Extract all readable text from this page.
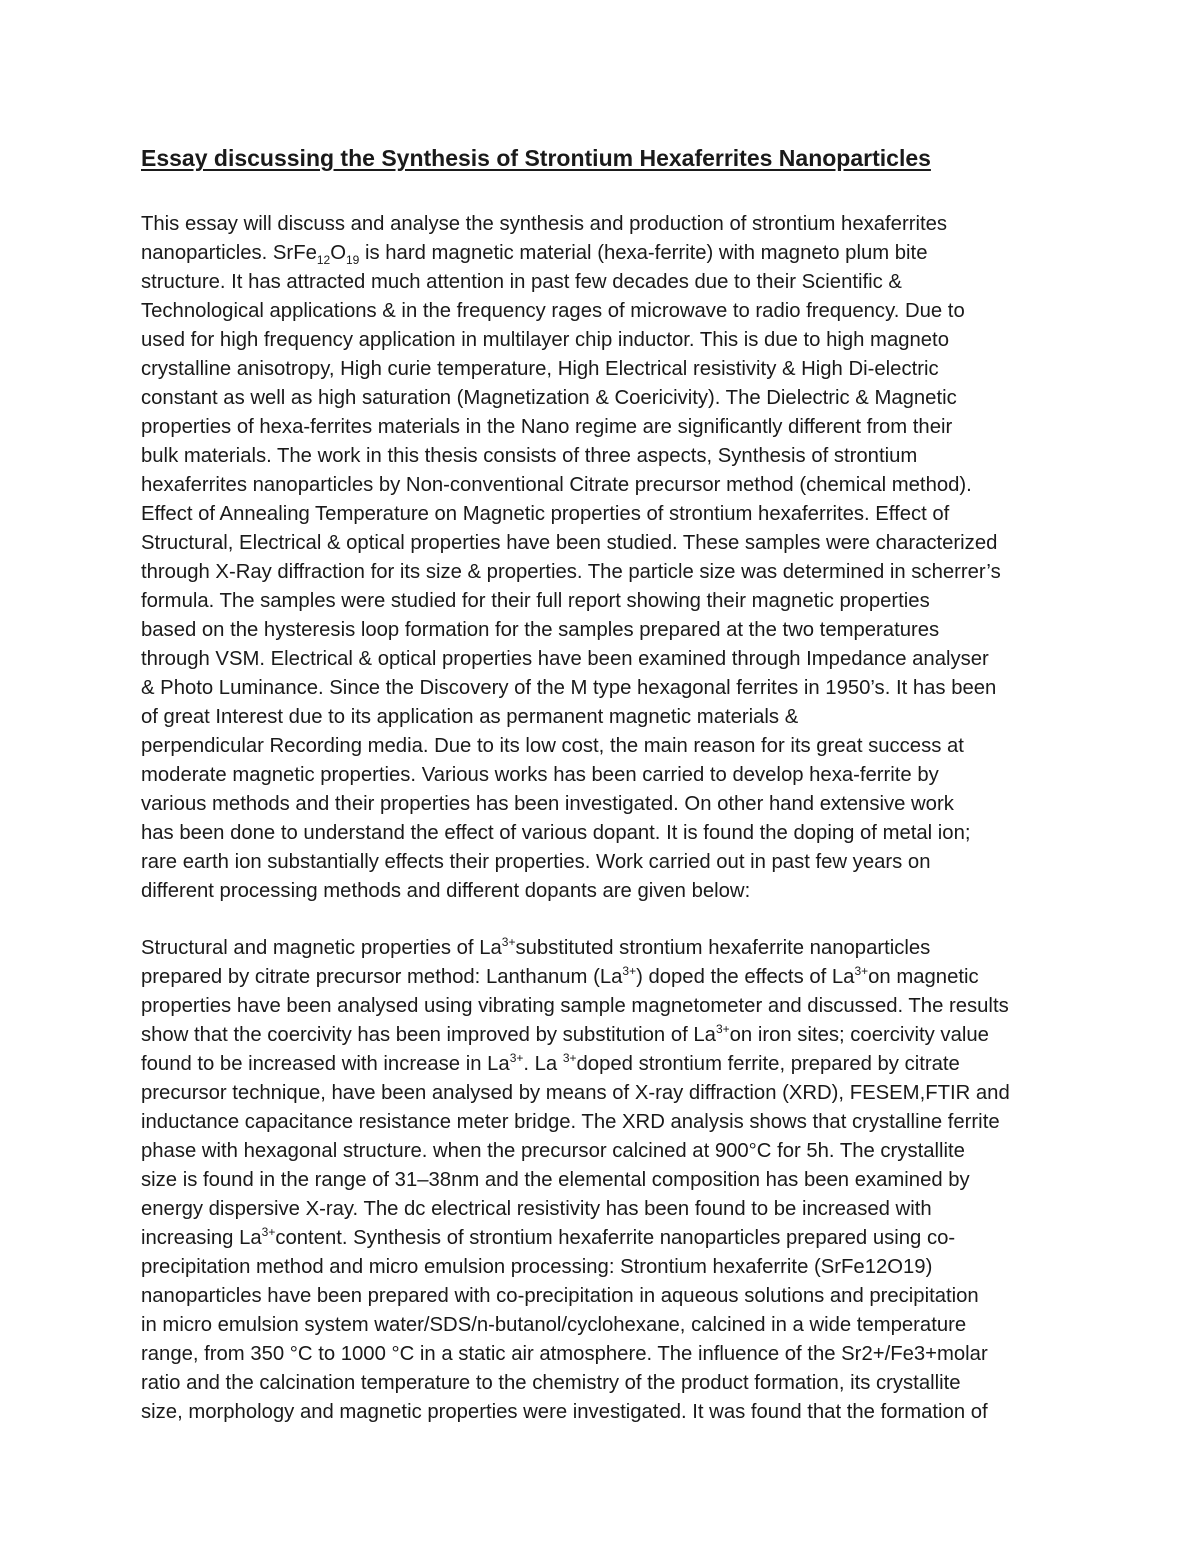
Essay discussing the Synthesis of Strontium Hexaferrites Nanoparticles
This essay will discuss and analyse the synthesis and production of strontium hexaferrites
nanoparticles. $SrFe_{12}O_{19}$ is hard magnetic material (hexa-ferrite) with magneto plum bite
structure. It has attracted much attention in past few decades due to their Scientific &
Technological applications & in the frequency rages of microwave to radio frequency. Due to
used for high frequency application in multilayer chip inductor. This is due to high magneto
crystalline anisotropy, High curie temperature, High Electrical resistivity & High Di-electric
constant as well as high saturation (Magnetization & Coericivity). The Dielectric & Magnetic
properties of hexa-ferrites materials in the Nano regime are significantly different from their
bulk materials. The work in this thesis consists of three aspects, Synthesis of strontium
hexaferrites nanoparticles by Non-conventional Citrate precursor method (chemical method).
Effect of Annealing Temperature on Magnetic properties of strontium hexaferrites. Effect of
Structural, Electrical & optical properties have been studied. These samples were characterized
through X-Ray diffraction for its size & properties. The particle size was determined in scherrer’s
formula. The samples were studied for their full report showing their magnetic properties
based on the hysteresis loop formation for the samples prepared at the two temperatures
through VSM. Electrical & optical properties have been examined through Impedance analyser
& Photo Luminance. Since the Discovery of the M type hexagonal ferrites in 1950’s. It has been
of great Interest due to its application as permanent magnetic materials &
perpendicular Recording media. Due to its low cost, the main reason for its great success at
moderate magnetic properties. Various works has been carried to develop hexa-ferrite by
various methods and their properties has been investigated. On other hand extensive work
has been done to understand the effect of various dopant. It is found the doping of metal ion;
rare earth ion substantially effects their properties. Work carried out in past few years on
different processing methods and different dopants are given below:
Structural and magnetic properties of $La^{3+}substituted$ strontium hexaferrite nanoparticles
prepared by citrate precursor method: Lanthanum $(La^{3+})$ doped the effects of $La^{3+}on$ magnetic
properties have been analysed using vibrating sample magnetometer and discussed. The results
show that the coercivity has been improved by substitution of $La^{3+}on$ iron sites; coercivity value
found to be increased with increase in $La^{3+}$. La $^{3+}$doped strontium ferrite, prepared by citrate
precursor technique, have been analysed by means of X-ray diffraction (XRD), FESEM,FTIR and
inductance capacitance resistance meter bridge. The XRD analysis shows that crystalline ferrite
phase with hexagonal structure. when the precursor calcined at 900°C for 5h. The crystallite
size is found in the range of 31–38nm and the elemental composition has been examined by
energy dispersive X-ray. The dc electrical resistivity has been found to be increased with
increasing $La^{3+}content$. Synthesis of strontium hexaferrite nanoparticles prepared using co-
precipitation method and micro emulsion processing: Strontium hexaferrite (SrFe12O19)
nanoparticles have been prepared with co-precipitation in aqueous solutions and precipitation
in micro emulsion system water/SDS/n-butanol/cyclohexane, calcined in a wide temperature
range, from 350 °C to 1000 °C in a static air atmosphere. The influence of the Sr2+/Fe3+molar
ratio and the calcination temperature to the chemistry of the product formation, its crystallite
size, morphology and magnetic properties were investigated. It was found that the formation of
